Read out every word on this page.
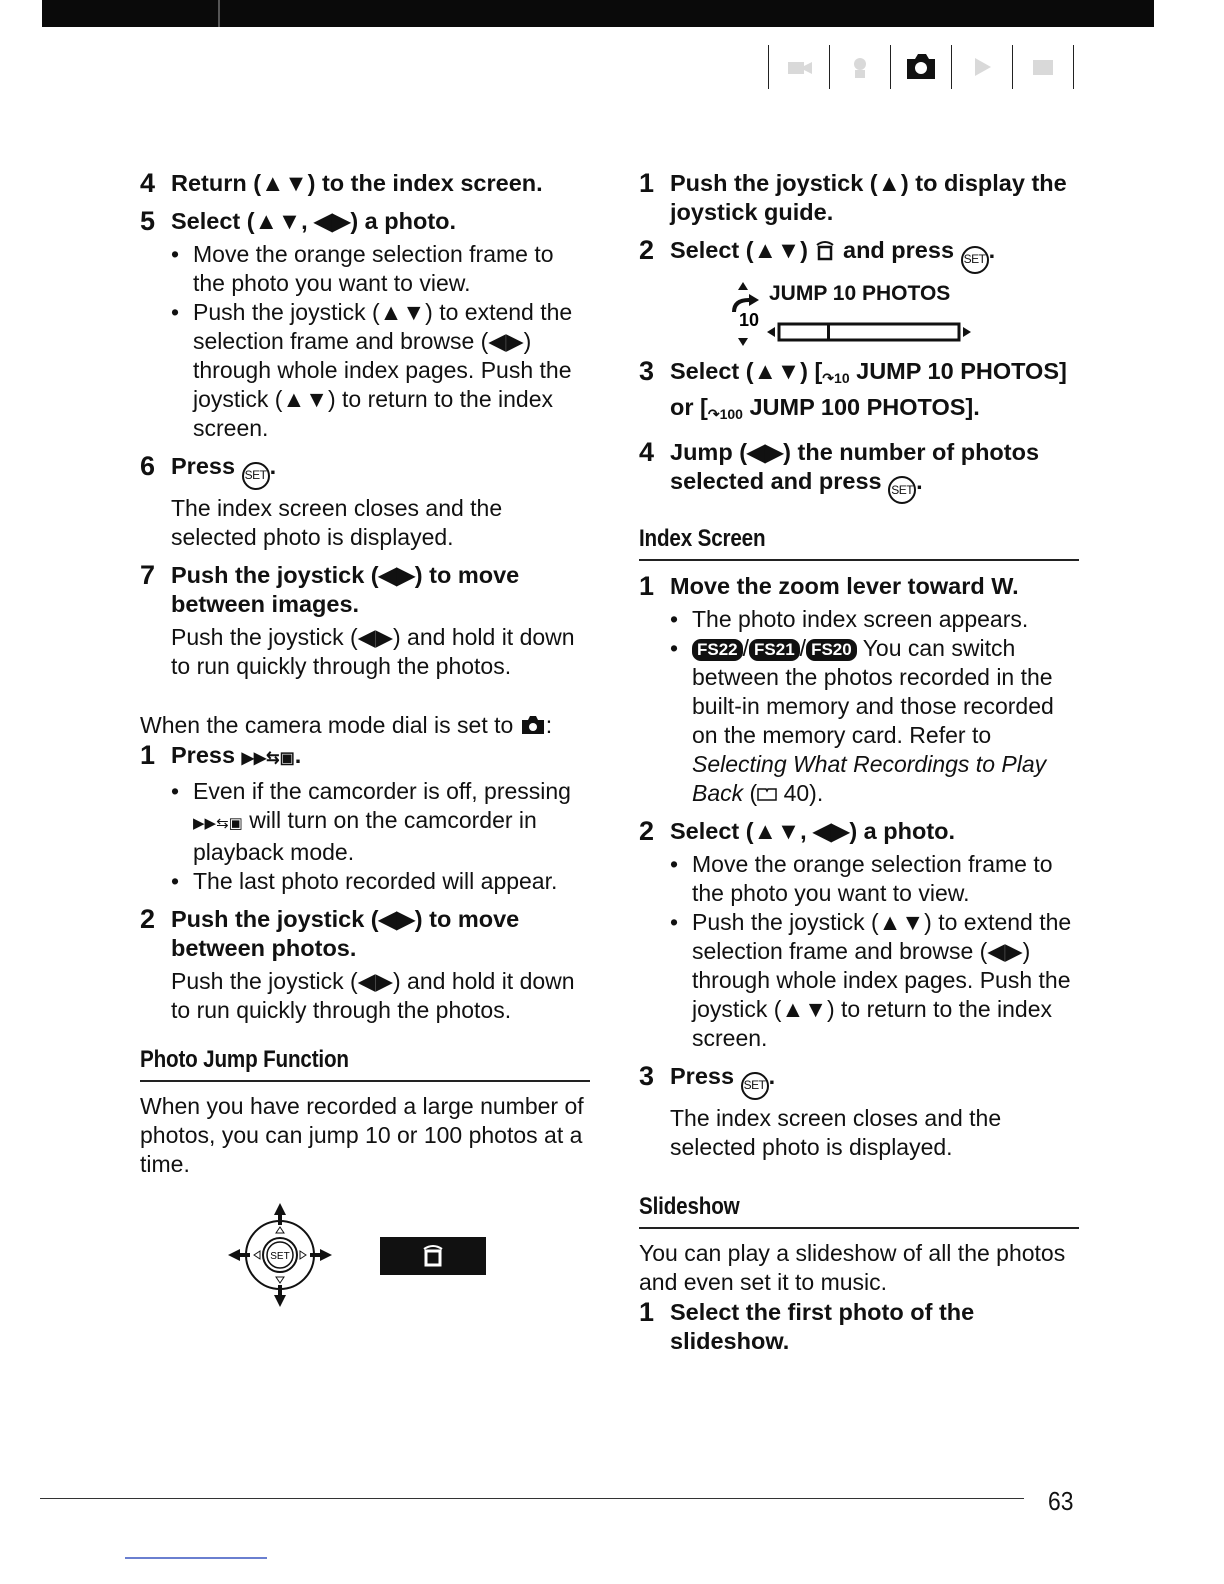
4 Return (▲▼) to the index screen.
5 Select (▲▼, ◀▶) a photo.
• Move the orange selection frame to the photo you want to view.
• Push the joystick (▲▼) to extend the selection frame and browse (◀▶) through whole index pages. Push the joystick (▲▼) to return to the index screen.
6 Press SET .
The index screen closes and the selected photo is displayed.
7 Push the joystick (◀▶) to move between images.
Push the joystick (◀▶) and hold it down to run quickly through the photos.
When the camera mode dial is set to :
1 Press ▶▶⇆▣.
• Even if the camcorder is off, pressing ▶▶⇆▣ will turn on the camcorder in playback mode.
• The last photo recorded will appear.
2 Push the joystick (◀▶) to move between photos.
Push the joystick (◀▶) and hold it down to run quickly through the photos.
Photo Jump Function
When you have recorded a large number of photos, you can jump 10 or 100 photos at a time.
SET
1 Push the joystick (▲) to display the joystick guide.
2 Select (▲▼) and press SET .
10
JUMP 10 PHOTOS
3 Select (▲▼) [↷10 JUMP 10 PHOTOS] or [↷100 JUMP 100 PHOTOS].
4 Jump (◀▶) the number of photos selected and press SET .
Index Screen
1 Move the zoom lever toward W.
• The photo index screen appears.
•	FS22 / FS21 / FS20 You can switch between the photos recorded in the built-in memory and those recorded on the memory card. Refer to Selecting What Recordings to Play Back ( 40).
2 Select (▲▼, ◀▶) a photo.
• Move the orange selection frame to the photo you want to view.
• Push the joystick (▲▼) to extend the selection frame and browse (◀▶) through whole index pages. Push the joystick (▲▼) to return to the index screen.
3 Press SET .
The index screen closes and the selected photo is displayed.
Slideshow
You can play a slideshow of all the photos and even set it to music.
1 Select the first photo of the slideshow.
63
